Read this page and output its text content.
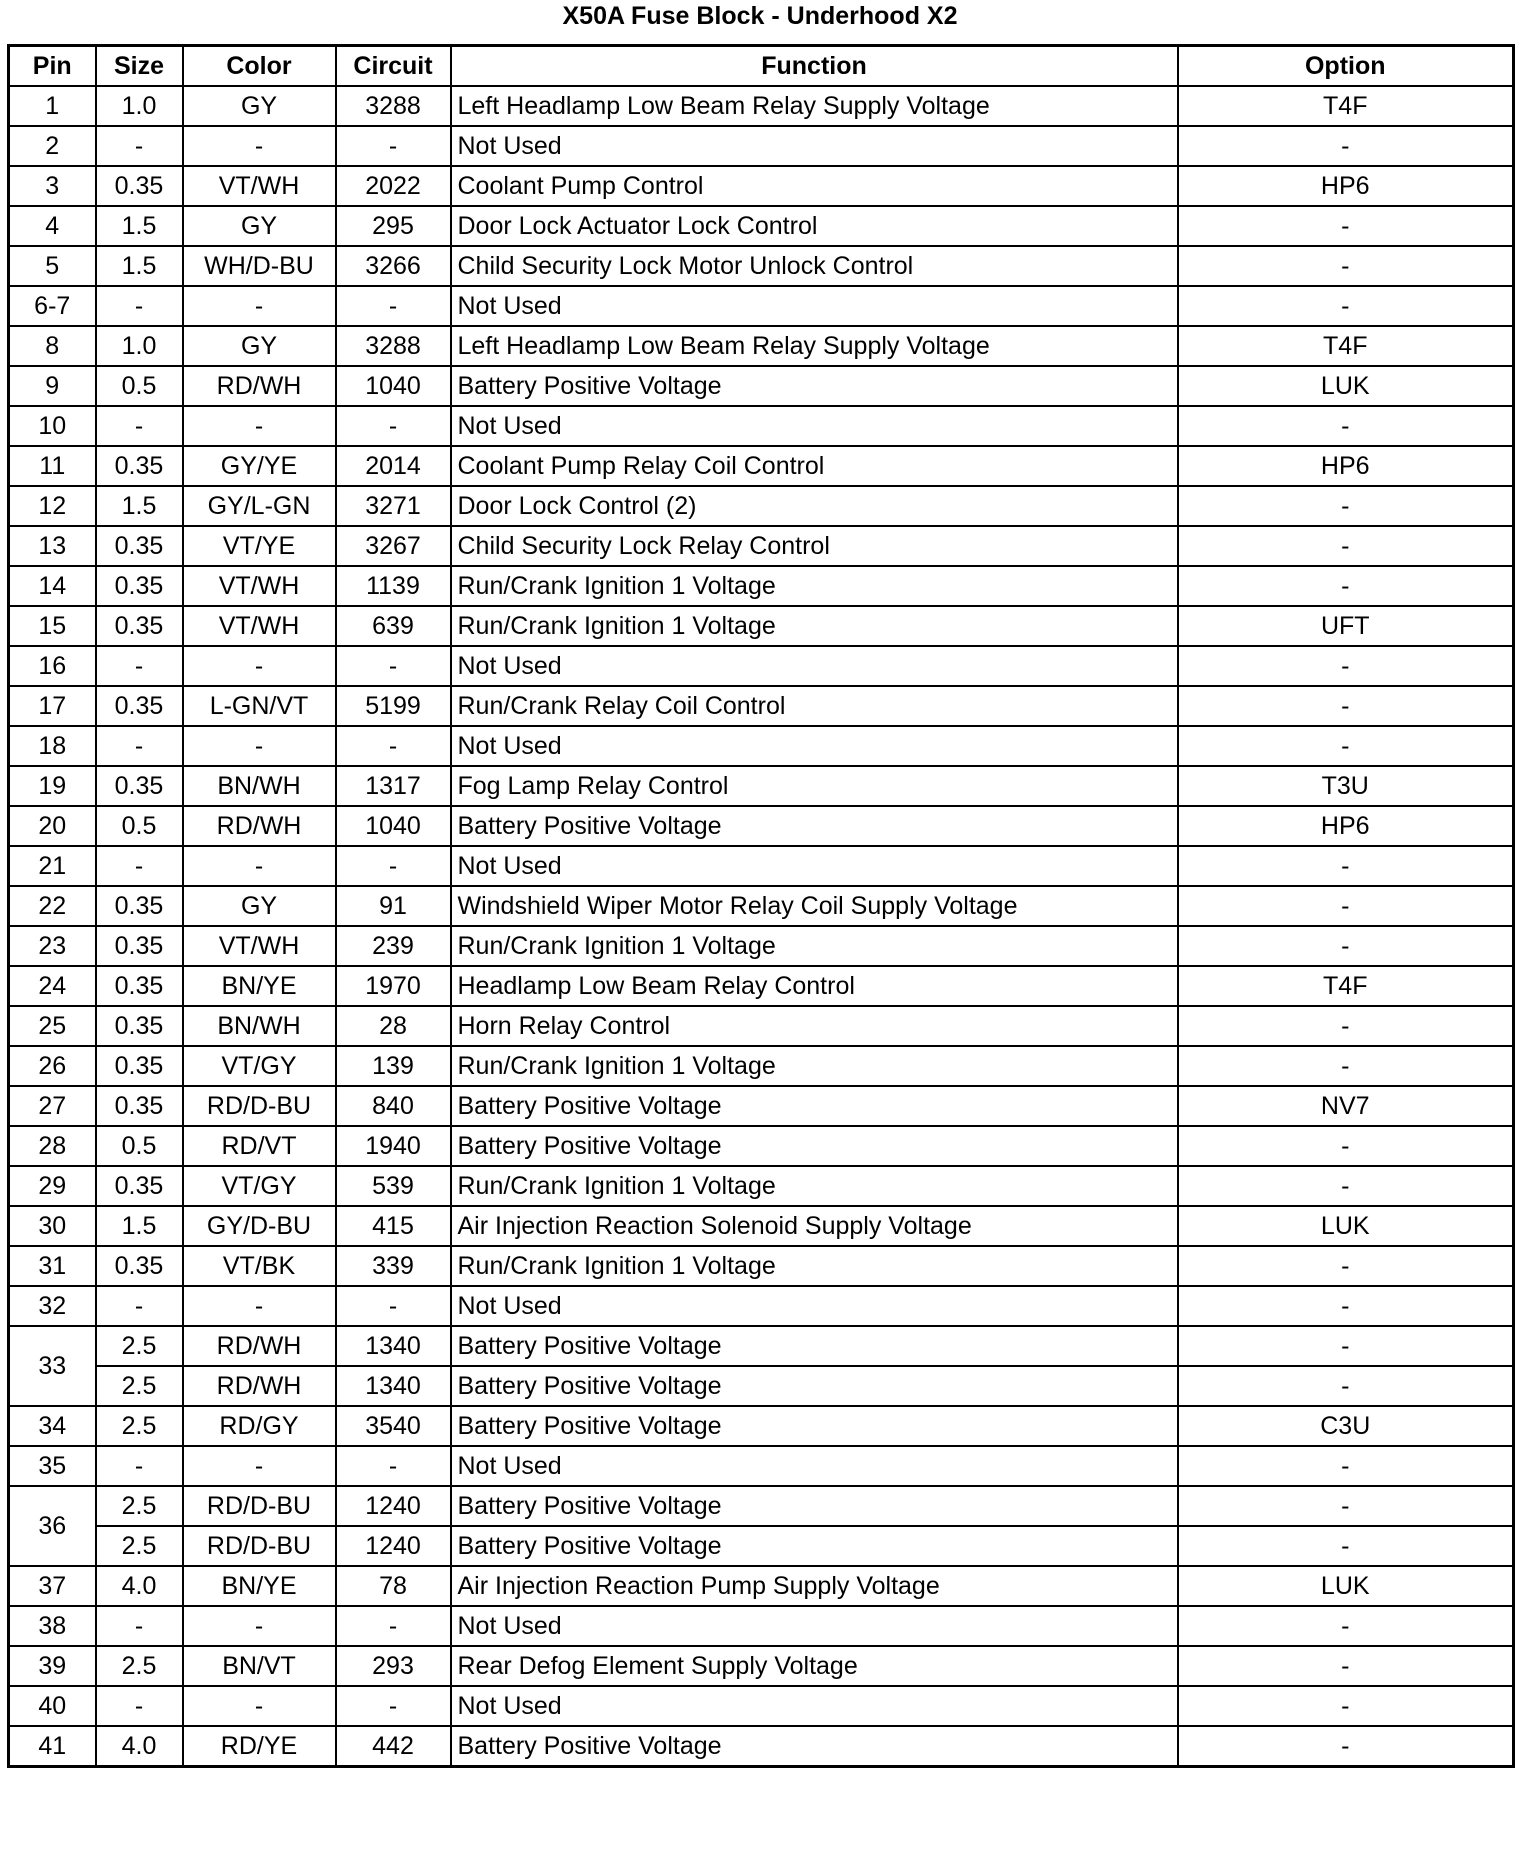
X50A Fuse Block - Underhood X2
Pin	Size	Color	Circuit	Function	Option
1	1.0	GY	3288	Left Headlamp Low Beam Relay Supply Voltage	T4F
2	-	-	-	Not Used	-
3	0.35	VT/WH	2022	Coolant Pump Control	HP6
4	1.5	GY	295	Door Lock Actuator Lock Control	-
5	1.5	WH/D-BU	3266	Child Security Lock Motor Unlock Control	-
6-7	-	-	-	Not Used	-
8	1.0	GY	3288	Left Headlamp Low Beam Relay Supply Voltage	T4F
9	0.5	RD/WH	1040	Battery Positive Voltage	LUK
10	-	-	-	Not Used	-
11	0.35	GY/YE	2014	Coolant Pump Relay Coil Control	HP6
12	1.5	GY/L-GN	3271	Door Lock Control (2)	-
13	0.35	VT/YE	3267	Child Security Lock Relay Control	-
14	0.35	VT/WH	1139	Run/Crank Ignition 1 Voltage	-
15	0.35	VT/WH	639	Run/Crank Ignition 1 Voltage	UFT
16	-	-	-	Not Used	-
17	0.35	L-GN/VT	5199	Run/Crank Relay Coil Control	-
18	-	-	-	Not Used	-
19	0.35	BN/WH	1317	Fog Lamp Relay Control	T3U
20	0.5	RD/WH	1040	Battery Positive Voltage	HP6
21	-	-	-	Not Used	-
22	0.35	GY	91	Windshield Wiper Motor Relay Coil Supply Voltage	-
23	0.35	VT/WH	239	Run/Crank Ignition 1 Voltage	-
24	0.35	BN/YE	1970	Headlamp Low Beam Relay Control	T4F
25	0.35	BN/WH	28	Horn Relay Control	-
26	0.35	VT/GY	139	Run/Crank Ignition 1 Voltage	-
27	0.35	RD/D-BU	840	Battery Positive Voltage	NV7
28	0.5	RD/VT	1940	Battery Positive Voltage	-
29	0.35	VT/GY	539	Run/Crank Ignition 1 Voltage	-
30	1.5	GY/D-BU	415	Air Injection Reaction Solenoid Supply Voltage	LUK
31	0.35	VT/BK	339	Run/Crank Ignition 1 Voltage	-
32	-	-	-	Not Used	-
33	2.5	RD/WH	1340	Battery Positive Voltage	-
	2.5	RD/WH	1340	Battery Positive Voltage	-
34	2.5	RD/GY	3540	Battery Positive Voltage	C3U
35	-	-	-	Not Used	-
36	2.5	RD/D-BU	1240	Battery Positive Voltage	-
	2.5	RD/D-BU	1240	Battery Positive Voltage	-
37	4.0	BN/YE	78	Air Injection Reaction Pump Supply Voltage	LUK
38	-	-	-	Not Used	-
39	2.5	BN/VT	293	Rear Defog Element Supply Voltage	-
40	-	-	-	Not Used	-
41	4.0	RD/YE	442	Battery Positive Voltage	-
